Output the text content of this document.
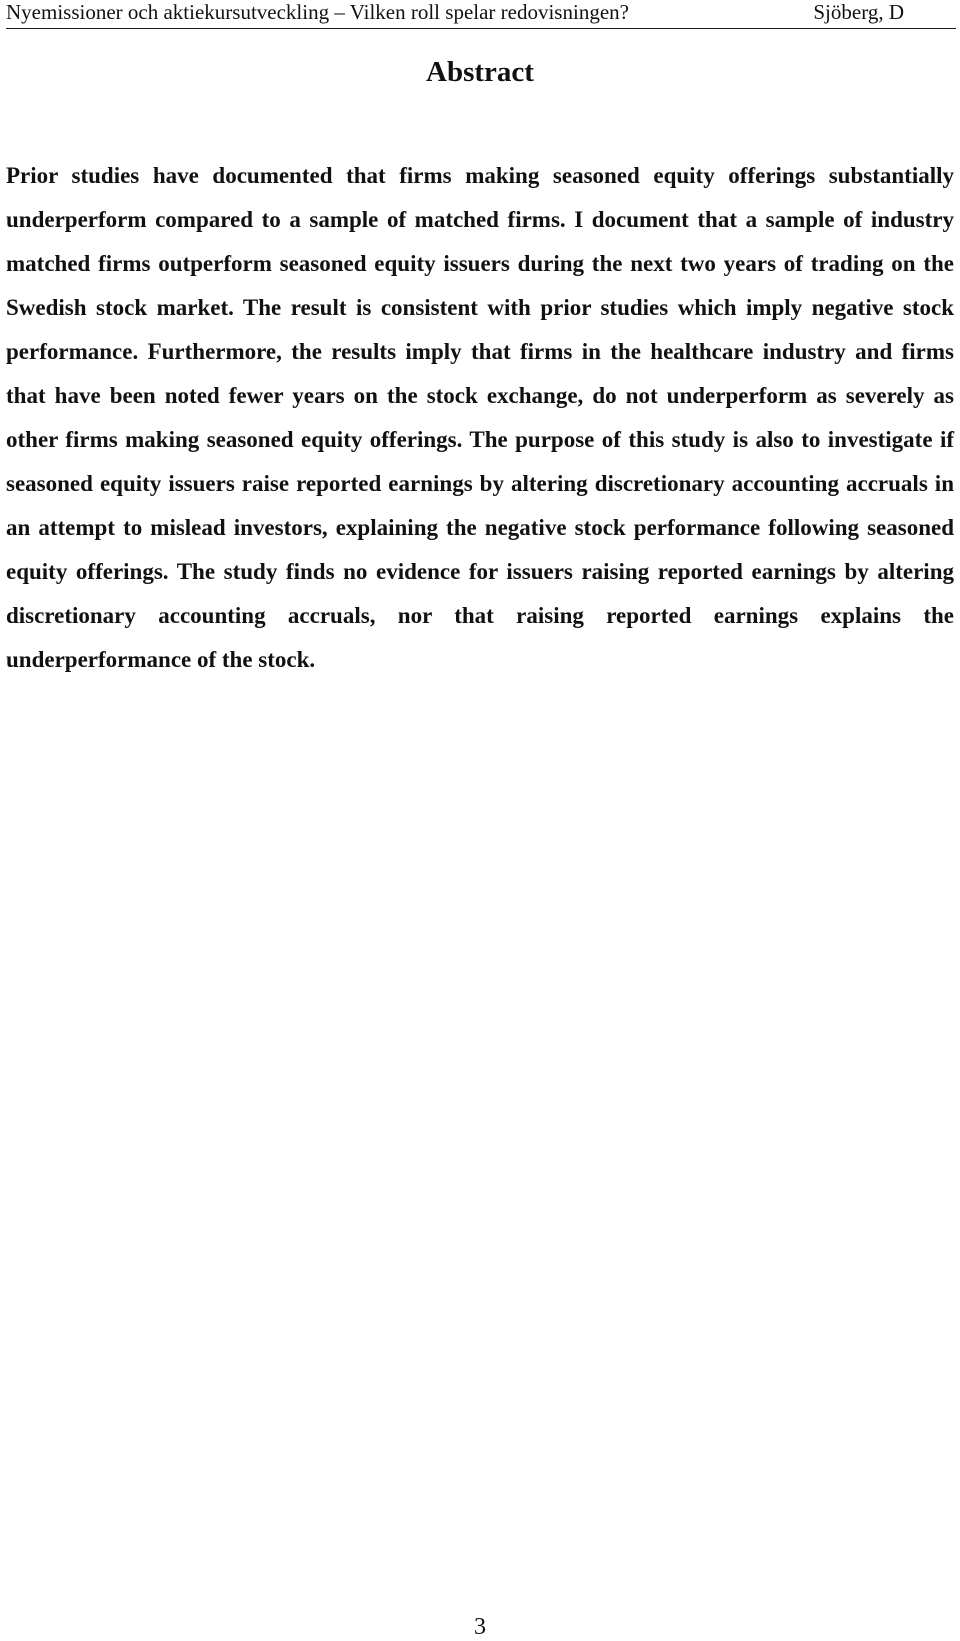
Nyemissioner och aktiekursutveckling – Vilken roll spelar redovisningen?	Sjöberg, D
Abstract

Prior studies have documented that firms making seasoned equity offerings substantially underperform compared to a sample of matched firms. I document that a sample of industry matched firms outperform seasoned equity issuers during the next two years of trading on the Swedish stock market. The result is consistent with prior studies which imply negative stock performance. Furthermore, the results imply that firms in the healthcare industry and firms that have been noted fewer years on the stock exchange, do not underperform as severely as other firms making seasoned equity offerings. The purpose of this study is also to investigate if seasoned equity issuers raise reported earnings by altering discretionary accounting accruals in an attempt to mislead investors, explaining the negative stock performance following seasoned equity offerings. The study finds no evidence for issuers raising reported earnings by altering discretionary accounting accruals, nor that raising reported earnings explains the underperformance of the stock.

3
